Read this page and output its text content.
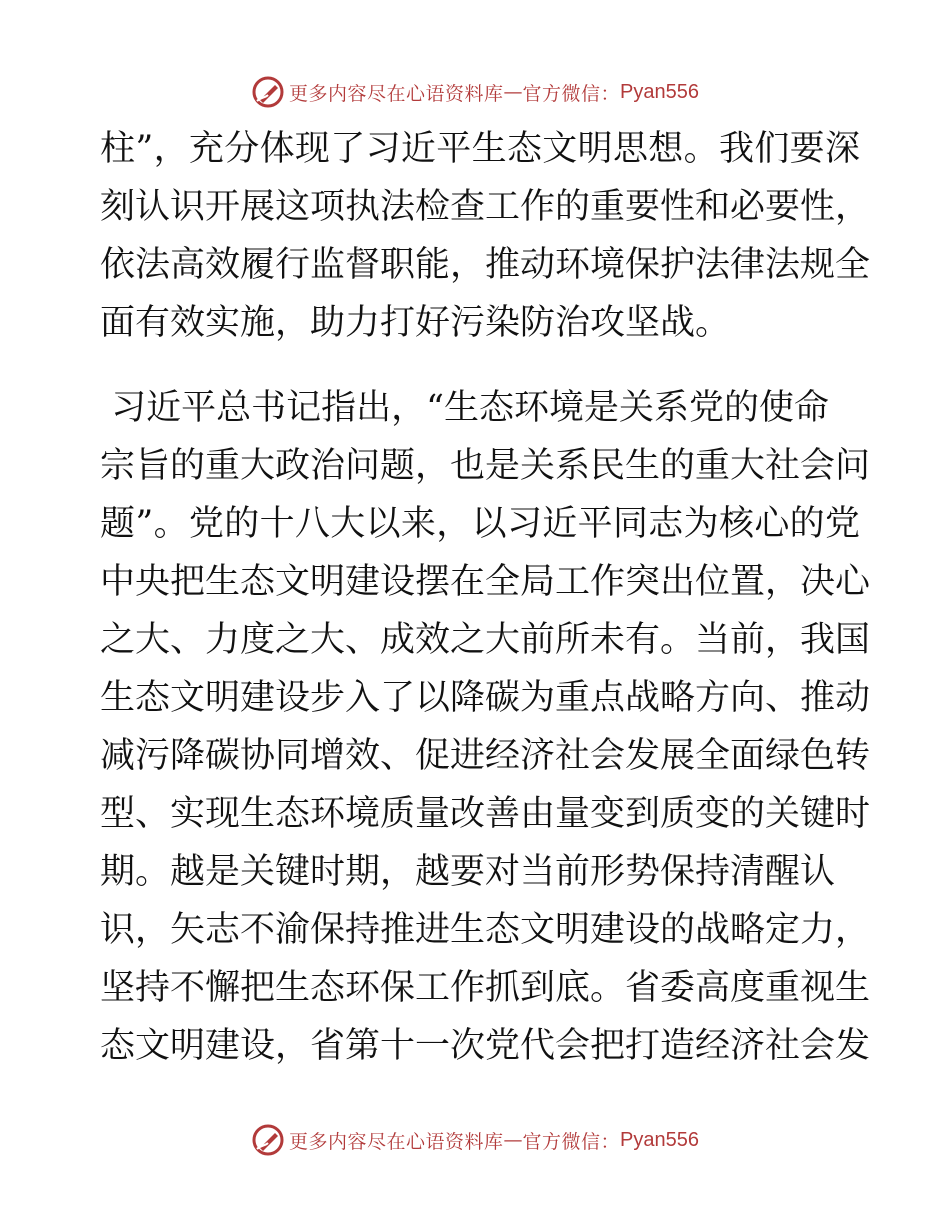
更多内容尽在心语资料库 — 官方微信： Pyan556
柱”，充分体现了习近平生态文明思想。我们要深
刻认识开展这项执法检查工作的重要性和必要性，
依法高效履行监督职能，推动环境保护法律法规全
面有效实施，助力打好污染防治攻坚战。
习近平总书记指出，“生态环境是关系党的使命
宗旨的重大政治问题，也是关系民生的重大社会问
题”。党的十八大以来，以习近平同志为核心的党
中央把生态文明建设摆在全局工作突出位置，决心
之大、力度之大、成效之大前所未有。当前，我国
生态文明建设步入了以降碳为重点战略方向、推动
减污降碳协同增效、促进经济社会发展全面绿色转
型、实现生态环境质量改善由量变到质变的关键时
期。越是关键时期，越要对当前形势保持清醒认
识，矢志不渝保持推进生态文明建设的战略定力，
坚持不懈把生态环保工作抓到底。省委高度重视生
态文明建设，省第十一次党代会把打造经济社会发
更多内容尽在心语资料库 — 官方微信： Pyan556
